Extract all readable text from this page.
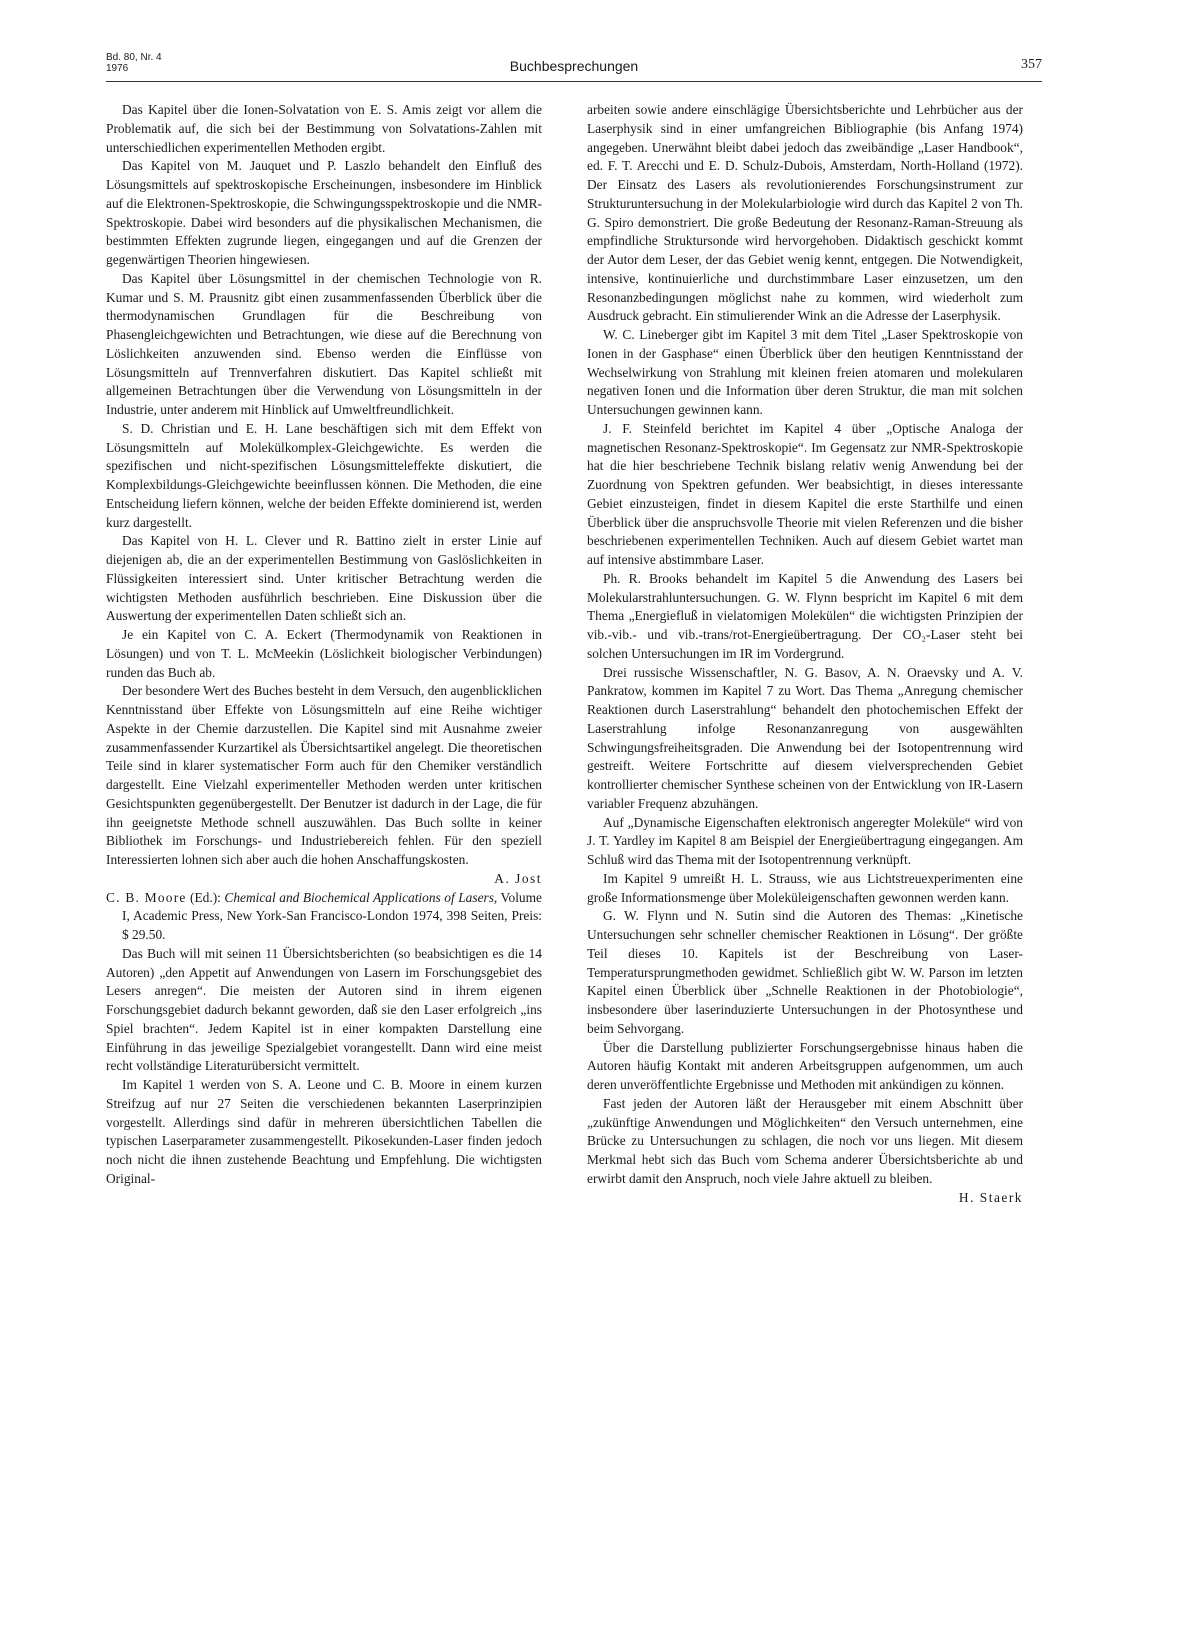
Bd. 80, Nr. 4
1976	Buchbesprechungen	357

Das Kapitel über die Ionen-Solvatation von E. S. Amis zeigt vor allem die Problematik auf, die sich bei der Bestimmung von Solvatations-Zahlen mit unterschiedlichen experimentellen Methoden ergibt.

Das Kapitel von M. Jauquet und P. Laszlo behandelt den Einfluß des Lösungsmittels auf spektroskopische Erscheinungen, insbesondere im Hinblick auf die Elektronen-Spektroskopie, die Schwingungsspektroskopie und die NMR-Spektroskopie. Dabei wird besonders auf die physikalischen Mechanismen, die bestimmten Effekten zugrunde liegen, eingegangen und auf die Grenzen der gegenwärtigen Theorien hingewiesen.

Das Kapitel über Lösungsmittel in der chemischen Technologie von R. Kumar und S. M. Prausnitz gibt einen zusammenfassenden Überblick über die thermodynamischen Grundlagen für die Beschreibung von Phasengleichgewichten und Betrachtungen, wie diese auf die Berechnung von Löslichkeiten anzuwenden sind. Ebenso werden die Einflüsse von Lösungsmitteln auf Trennverfahren diskutiert. Das Kapitel schließt mit allgemeinen Betrachtungen über die Verwendung von Lösungsmitteln in der Industrie, unter anderem mit Hinblick auf Umweltfreundlichkeit.

S. D. Christian und E. H. Lane beschäftigen sich mit dem Effekt von Lösungsmitteln auf Molekülkomplex-Gleichgewichte. Es werden die spezifischen und nicht-spezifischen Lösungsmitteleffekte diskutiert, die Komplexbildungs-Gleichgewichte beeinflussen können. Die Methoden, die eine Entscheidung liefern können, welche der beiden Effekte dominierend ist, werden kurz dargestellt.

Das Kapitel von H. L. Clever und R. Battino zielt in erster Linie auf diejenigen ab, die an der experimentellen Bestimmung von Gaslöslichkeiten in Flüssigkeiten interessiert sind. Unter kritischer Betrachtung werden die wichtigsten Methoden ausführlich beschrieben. Eine Diskussion über die Auswertung der experimentellen Daten schließt sich an.

Je ein Kapitel von C. A. Eckert (Thermodynamik von Reaktionen in Lösungen) und von T. L. McMeekin (Löslichkeit biologischer Verbindungen) runden das Buch ab.

Der besondere Wert des Buches besteht in dem Versuch, den augenblicklichen Kenntnisstand über Effekte von Lösungsmitteln auf eine Reihe wichtiger Aspekte in der Chemie darzustellen. Die Kapitel sind mit Ausnahme zweier zusammenfassender Kurzartikel als Übersichtsartikel angelegt. Die theoretischen Teile sind in klarer systematischer Form auch für den Chemiker verständlich dargestellt. Eine Vielzahl experimenteller Methoden werden unter kritischen Gesichtspunkten gegenübergestellt. Der Benutzer ist dadurch in der Lage, die für ihn geeignetste Methode schnell auszuwählen. Das Buch sollte in keiner Bibliothek im Forschungs- und Industriebereich fehlen. Für den speziell Interessierten lohnen sich aber auch die hohen Anschaffungskosten.

A. Jost

C. B. Moore (Ed.): Chemical and Biochemical Applications of Lasers, Volume I, Academic Press, New York-San Francisco-London 1974, 398 Seiten, Preis: $ 29.50.

Das Buch will mit seinen 11 Übersichtsberichten (so beabsichtigen es die 14 Autoren) „den Appetit auf Anwendungen von Lasern im Forschungsgebiet des Lesers anregen“. Die meisten der Autoren sind in ihrem eigenen Forschungsgebiet dadurch bekannt geworden, daß sie den Laser erfolgreich „ins Spiel brachten“. Jedem Kapitel ist in einer kompakten Darstellung eine Einführung in das jeweilige Spezialgebiet vorangestellt. Dann wird eine meist recht vollständige Literaturübersicht vermittelt.

Im Kapitel 1 werden von S. A. Leone und C. B. Moore in einem kurzen Streifzug auf nur 27 Seiten die verschiedenen bekannten Laserprinzipien vorgestellt. Allerdings sind dafür in mehreren übersichtlichen Tabellen die typischen Laserparameter zusammengestellt. Pikosekunden-Laser finden jedoch noch nicht die ihnen zustehende Beachtung und Empfehlung. Die wichtigsten Original-

arbeiten sowie andere einschlägige Übersichtsberichte und Lehrbücher aus der Laserphysik sind in einer umfangreichen Bibliographie (bis Anfang 1974) angegeben. Unerwähnt bleibt dabei jedoch das zweibändige „Laser Handbook“, ed. F. T. Arecchi und E. D. Schulz-Dubois, Amsterdam, North-Holland (1972). Der Einsatz des Lasers als revolutionierendes Forschungsinstrument zur Strukturuntersuchung in der Molekularbiologie wird durch das Kapitel 2 von Th. G. Spiro demonstriert. Die große Bedeutung der Resonanz-Raman-Streuung als empfindliche Struktursonde wird hervorgehoben. Didaktisch geschickt kommt der Autor dem Leser, der das Gebiet wenig kennt, entgegen. Die Notwendigkeit, intensive, kontinuierliche und durchstimmbare Laser einzusetzen, um den Resonanzbedingungen möglichst nahe zu kommen, wird wiederholt zum Ausdruck gebracht. Ein stimulierender Wink an die Adresse der Laserphysik.

W. C. Lineberger gibt im Kapitel 3 mit dem Titel „Laser Spektroskopie von Ionen in der Gasphase“ einen Überblick über den heutigen Kenntnisstand der Wechselwirkung von Strahlung mit kleinen freien atomaren und molekularen negativen Ionen und die Information über deren Struktur, die man mit solchen Untersuchungen gewinnen kann.

J. F. Steinfeld berichtet im Kapitel 4 über „Optische Analoga der magnetischen Resonanz-Spektroskopie“. Im Gegensatz zur NMR-Spektroskopie hat die hier beschriebene Technik bislang relativ wenig Anwendung bei der Zuordnung von Spektren gefunden. Wer beabsichtigt, in dieses interessante Gebiet einzusteigen, findet in diesem Kapitel die erste Starthilfe und einen Überblick über die anspruchsvolle Theorie mit vielen Referenzen und die bisher beschriebenen experimentellen Techniken. Auch auf diesem Gebiet wartet man auf intensive abstimmbare Laser.

Ph. R. Brooks behandelt im Kapitel 5 die Anwendung des Lasers bei Molekularstrahluntersuchungen. G. W. Flynn bespricht im Kapitel 6 mit dem Thema „Energiefluß in vielatomigen Molekülen“ die wichtigsten Prinzipien der vib.-vib.- und vib.-trans/rot-Energieübertragung. Der CO₂-Laser steht bei solchen Untersuchungen im IR im Vordergrund.

Drei russische Wissenschaftler, N. G. Basov, A. N. Oraevsky und A. V. Pankratow, kommen im Kapitel 7 zu Wort. Das Thema „Anregung chemischer Reaktionen durch Laserstrahlung“ behandelt den photochemischen Effekt der Laserstrahlung infolge Resonanzanregung von ausgewählten Schwingungsfreiheitsgraden. Die Anwendung bei der Isotopentrennung wird gestreift. Weitere Fortschritte auf diesem vielversprechenden Gebiet kontrollierter chemischer Synthese scheinen von der Entwicklung von IR-Lasern variabler Frequenz abzuhängen.

Auf „Dynamische Eigenschaften elektronisch angeregter Moleküle“ wird von J. T. Yardley im Kapitel 8 am Beispiel der Energieübertragung eingegangen. Am Schluß wird das Thema mit der Isotopentrennung verknüpft.

Im Kapitel 9 umreißt H. L. Strauss, wie aus Lichtstreuexperimenten eine große Informationsmenge über Moleküleigenschaften gewonnen werden kann.

G. W. Flynn und N. Sutin sind die Autoren des Themas: „Kinetische Untersuchungen sehr schneller chemischer Reaktionen in Lösung“. Der größte Teil dieses 10. Kapitels ist der Beschreibung von Laser-Temperatursprungmethoden gewidmet. Schließlich gibt W. W. Parson im letzten Kapitel einen Überblick über „Schnelle Reaktionen in der Photobiologie“, insbesondere über laserinduzierte Untersuchungen in der Photosynthese und beim Sehvorgang.

Über die Darstellung publizierter Forschungsergebnisse hinaus haben die Autoren häufig Kontakt mit anderen Arbeitsgruppen aufgenommen, um auch deren unveröffentlichte Ergebnisse und Methoden mit ankündigen zu können.

Fast jeden der Autoren läßt der Herausgeber mit einem Abschnitt über „zukünftige Anwendungen und Möglichkeiten“ den Versuch unternehmen, eine Brücke zu Untersuchungen zu schlagen, die noch vor uns liegen. Mit diesem Merkmal hebt sich das Buch vom Schema anderer Übersichtsberichte ab und erwirbt damit den Anspruch, noch viele Jahre aktuell zu bleiben.

H. Staerk
